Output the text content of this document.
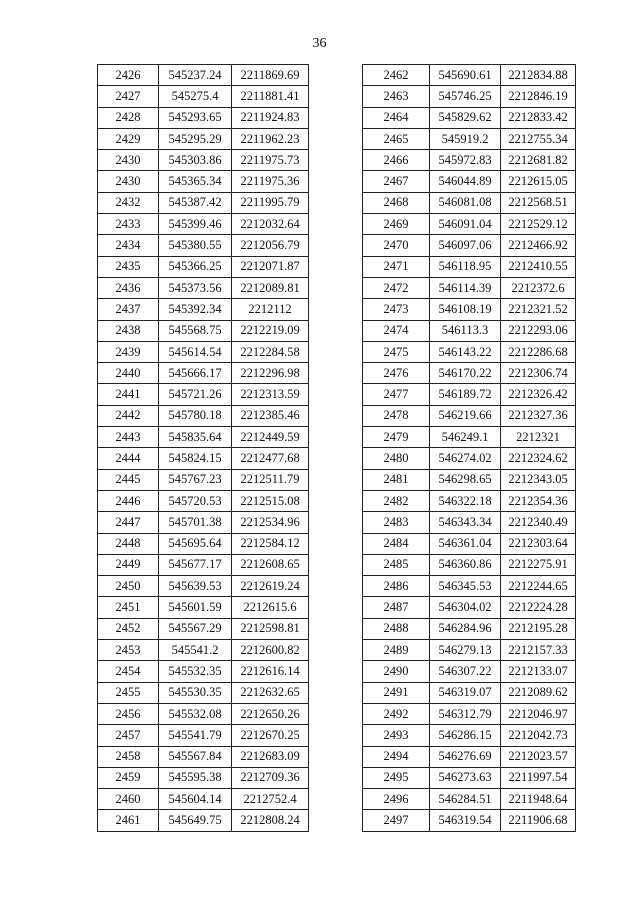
36
2426	545237.24	2211869.69
2427	545275.4	2211881.41
2428	545293.65	2211924.83
2429	545295.29	2211962.23
2430	545303.86	2211975.73
2430	545365.34	2211975.36
2432	545387.42	2211995.79
2433	545399.46	2212032.64
2434	545380.55	2212056.79
2435	545366.25	2212071.87
2436	545373.56	2212089.81
2437	545392.34	2212112
2438	545568.75	2212219.09
2439	545614.54	2212284.58
2440	545666.17	2212296.98
2441	545721.26	2212313.59
2442	545780.18	2212385.46
2443	545835.64	2212449.59
2444	545824.15	2212477.68
2445	545767.23	2212511.79
2446	545720.53	2212515.08
2447	545701.38	2212534.96
2448	545695.64	2212584.12
2449	545677.17	2212608.65
2450	545639.53	2212619.24
2451	545601.59	2212615.6
2452	545567.29	2212598.81
2453	545541.2	2212600.82
2454	545532.35	2212616.14
2455	545530.35	2212632.65
2456	545532.08	2212650.26
2457	545541.79	2212670.25
2458	545567.84	2212683.09
2459	545595.38	2212709.36
2460	545604.14	2212752.4
2461	545649.75	2212808.24
2462	545690.61	2212834.88
2463	545746.25	2212846.19
2464	545829.62	2212833.42
2465	545919.2	2212755.34
2466	545972.83	2212681.82
2467	546044.89	2212615.05
2468	546081.08	2212568.51
2469	546091.04	2212529.12
2470	546097.06	2212466.92
2471	546118.95	2212410.55
2472	546114.39	2212372.6
2473	546108.19	2212321.52
2474	546113.3	2212293.06
2475	546143.22	2212286.68
2476	546170.22	2212306.74
2477	546189.72	2212326.42
2478	546219.66	2212327.36
2479	546249.1	2212321
2480	546274.02	2212324.62
2481	546298.65	2212343.05
2482	546322.18	2212354.36
2483	546343.34	2212340.49
2484	546361.04	2212303.64
2485	546360.86	2212275.91
2486	546345.53	2212244.65
2487	546304.02	2212224.28
2488	546284.96	2212195.28
2489	546279.13	2212157.33
2490	546307.22	2212133.07
2491	546319.07	2212089.62
2492	546312.79	2212046.97
2493	546286.15	2212042.73
2494	546276.69	2212023.57
2495	546273.63	2211997.54
2496	546284.51	2211948.64
2497	546319.54	2211906.68
